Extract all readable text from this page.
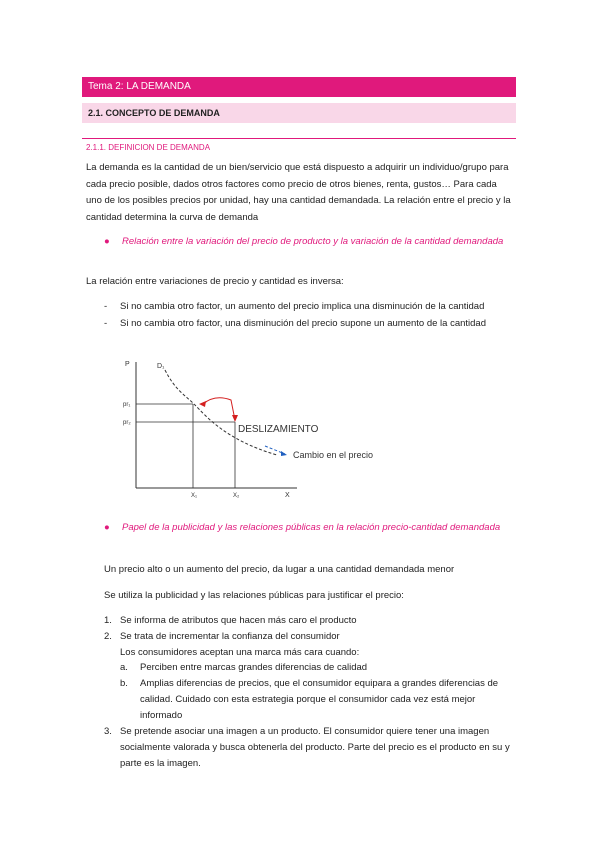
Tema 2: LA DEMANDA
2.1. CONCEPTO DE DEMANDA
2.1.1. DEFINICION DE DEMANDA
La demanda es la cantidad de un bien/servicio que está dispuesto a adquirir un individuo/grupo para cada precio posible, dados otros factores como precio de otros bienes, renta, gustos… Para cada uno de los posibles precios por unidad, hay una cantidad demandada. La relación entre el precio y la cantidad determina la curva de demanda
● Relación entre la variación del precio de producto y la variación de la cantidad demandada
La relación entre variaciones de precio y cantidad es inversa:
- Si no cambia otro factor, un aumento del precio implica una disminución de la cantidad
- Si no cambia otro factor, una disminución del precio supone un aumento de la cantidad
P	D₁
pr₁
pr₂
X₁	X₂	X
DESLIZAMIENTO
Cambio en el precio
● Papel de la publicidad y las relaciones públicas en la relación precio-cantidad demandada
Un precio alto o un aumento del precio, da lugar a una cantidad demandada menor
Se utiliza la publicidad y las relaciones públicas para justificar el precio:
1. Se informa de atributos que hacen más caro el producto
2. Se trata de incrementar la confianza del consumidor
Los consumidores aceptan una marca más cara cuando:
a. Perciben entre marcas grandes diferencias de calidad
b. Amplias diferencias de precios, que el consumidor equipara a grandes diferencias de calidad. Cuidado con esta estrategia porque el consumidor cada vez está mejor informado
3. Se pretende asociar una imagen a un producto. El consumidor quiere tener una imagen socialmente valorada y busca obtenerla del producto. Parte del precio es el producto en su y parte es la imagen.
